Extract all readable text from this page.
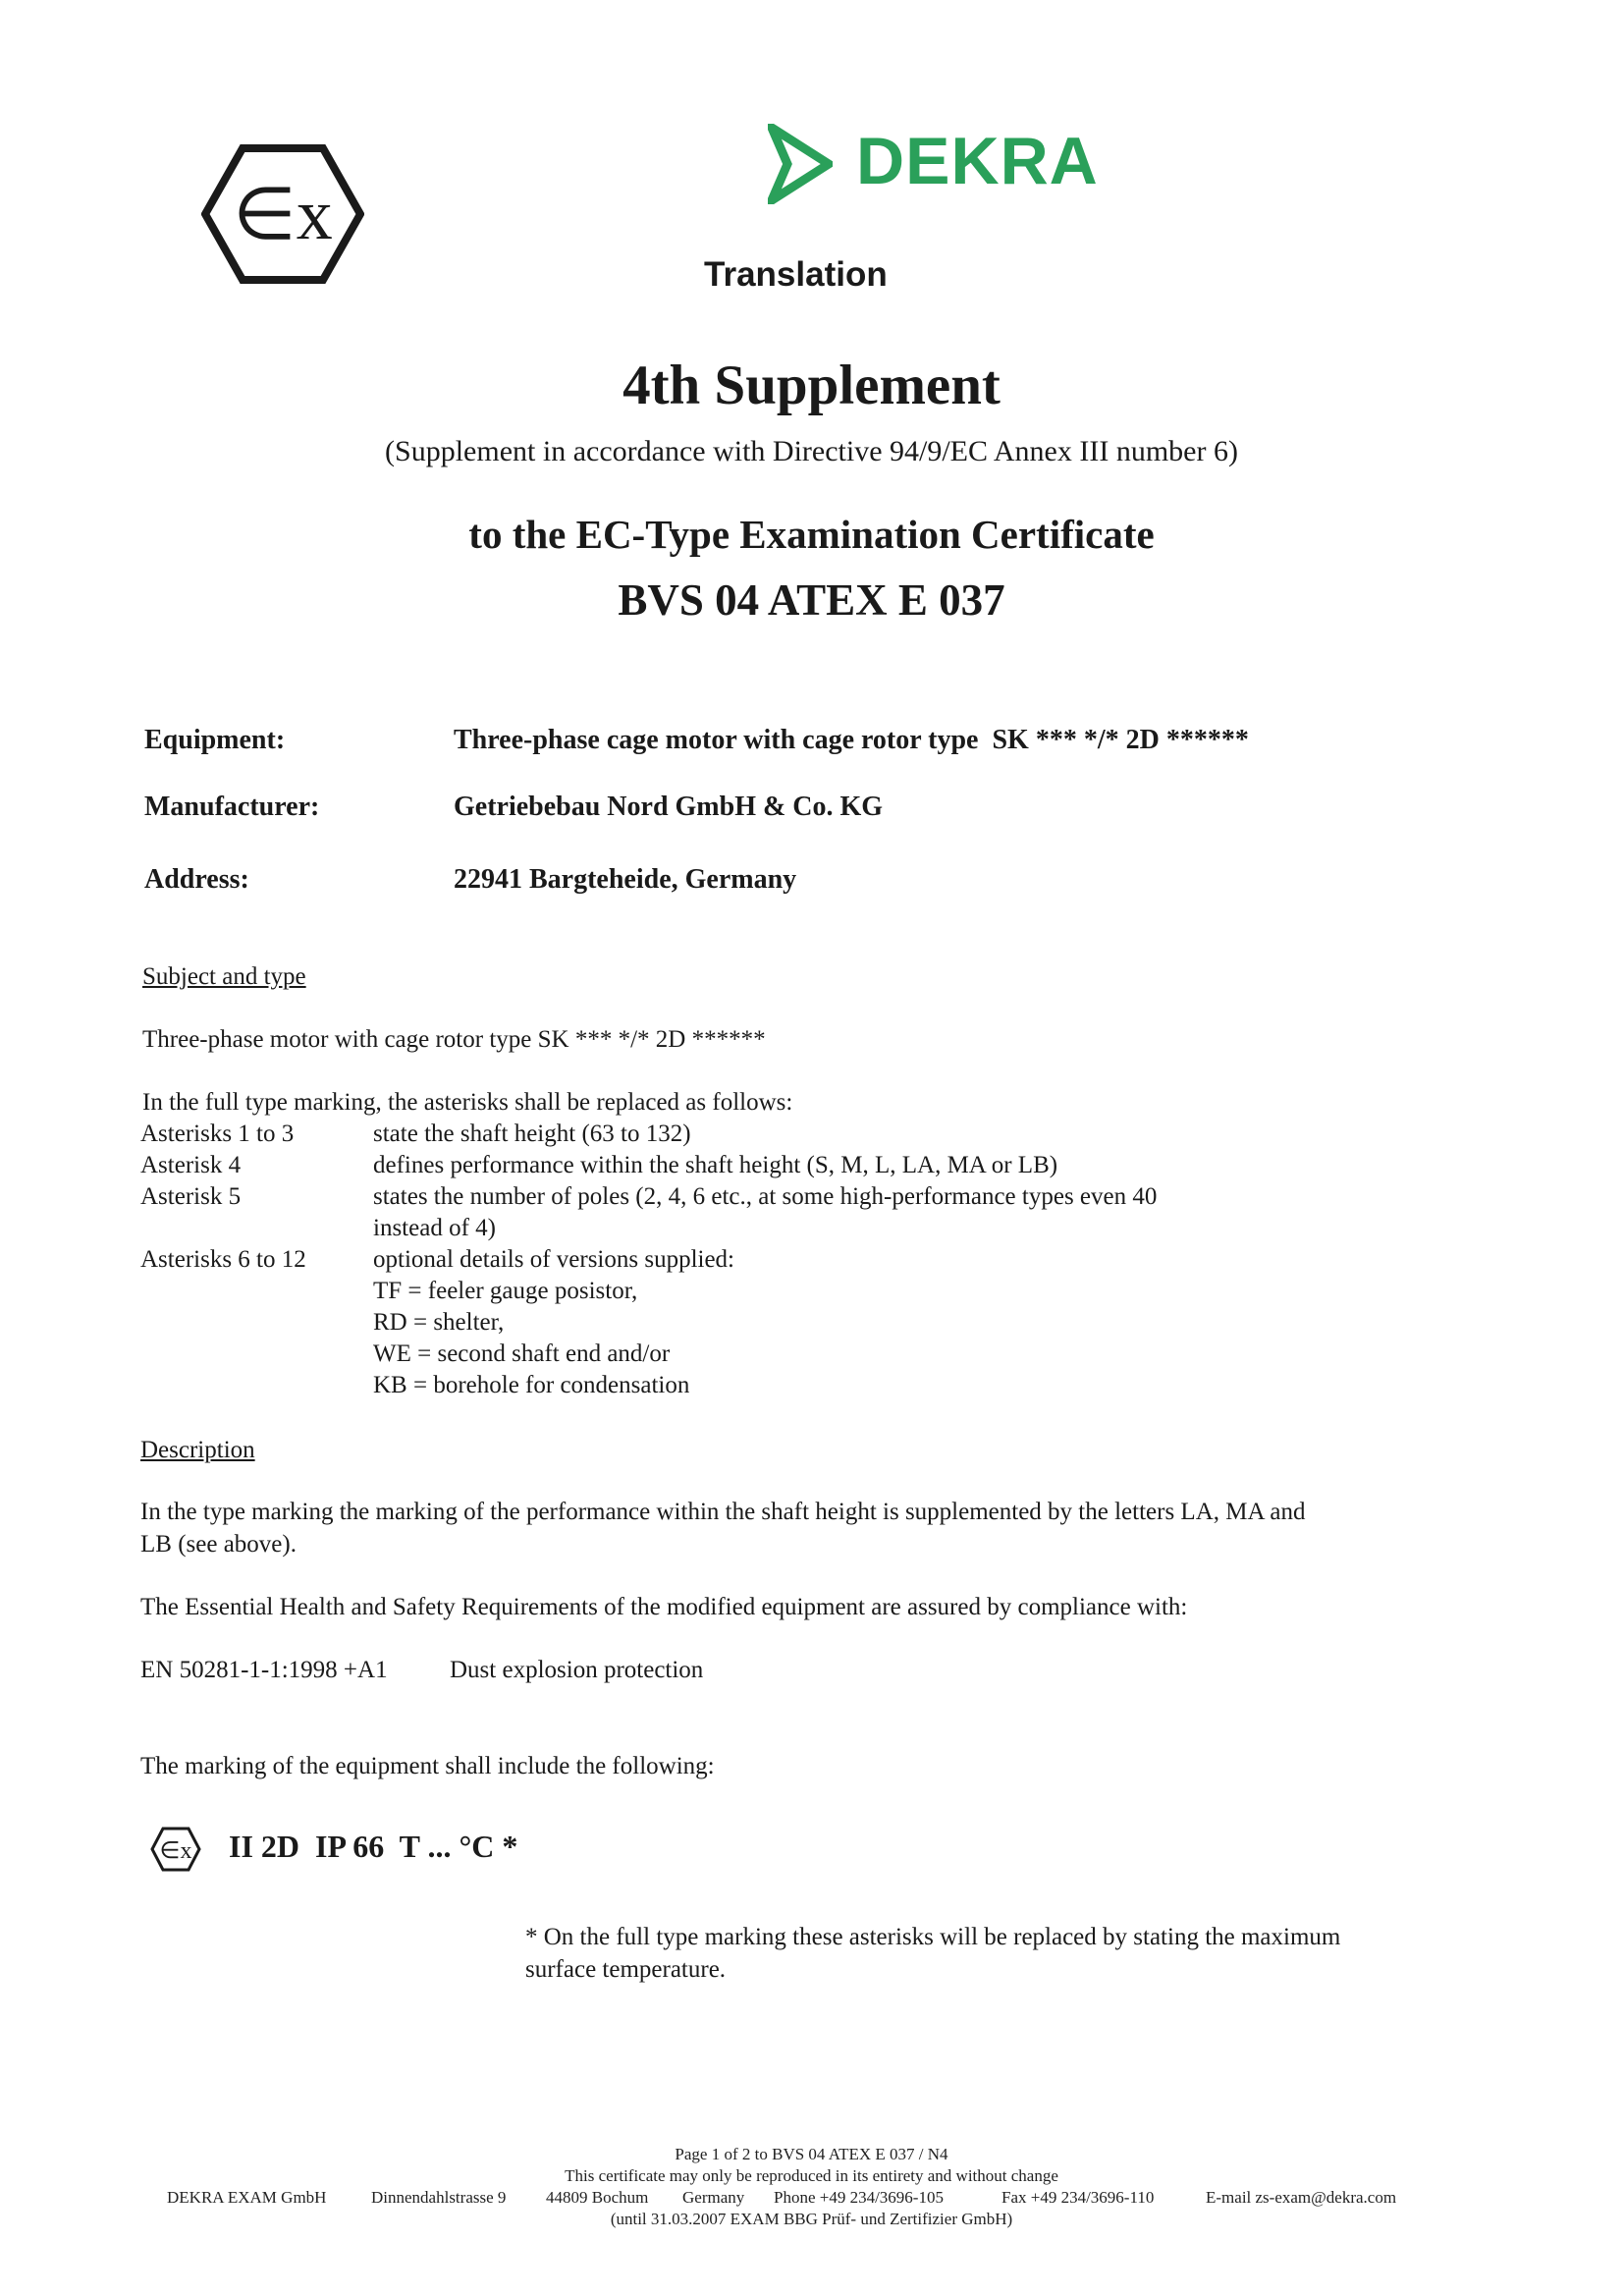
∈x
DEKRA
Translation
4th Supplement
(Supplement in accordance with Directive 94/9/EC Annex III number 6)
to the EC-Type Examination Certificate
BVS 04 ATEX E 037
Equipment:	Three-phase cage motor with cage rotor type  SK *** */* 2D ******
Manufacturer:	Getriebebau Nord GmbH & Co. KG
Address:	22941 Bargteheide, Germany
Subject and type
Three-phase motor with cage rotor type SK *** */* 2D ******
In the full type marking, the asterisks shall be replaced as follows:
Asterisks 1 to 3	state the shaft height (63 to 132)
Asterisk 4	defines performance within the shaft height (S, M, L, LA, MA or LB)
Asterisk 5	states the number of poles (2, 4, 6 etc., at some high-performance types even 40
instead of 4)
Asterisks 6 to 12	optional details of versions supplied:
TF = feeler gauge posistor,
RD = shelter,
WE = second shaft end and/or
KB = borehole for condensation
Description
In the type marking the marking of the performance within the shaft height is supplemented by the letters LA, MA and
LB (see above).
The Essential Health and Safety Requirements of the modified equipment are assured by compliance with:
EN 50281-1-1:1998 +A1	Dust explosion protection
The marking of the equipment shall include the following:
∈x II 2D  IP 66  T ... °C *
* On the full type marking these asterisks will be replaced by stating the maximum
surface temperature.
Page 1 of 2 to BVS 04 ATEX E 037 / N4
This certificate may only be reproduced in its entirety and without change
DEKRA EXAM GmbH	Dinnendahlstrasse 9 44809 Bochum Germany Phone +49 234/3696-105	Fax +49 234/3696-110	E-mail zs-exam@dekra.com
(until 31.03.2007 EXAM BBG Prüf- und Zertifizier GmbH)
